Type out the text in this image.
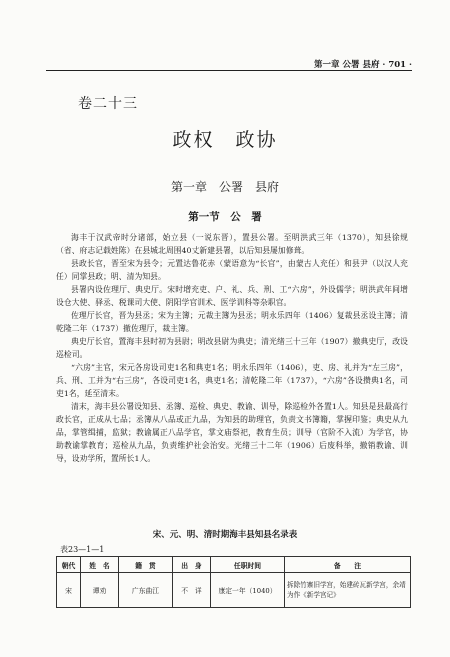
第一章 公署 县府 · 701 ·
卷二十三
政权　政协
第一章　公署　县府
第一节　公　署

海丰于汉武帝时分诸部，始立县（一说东晋），置县公署。至明洪武三年（1370），知县徐规（省、府志记载姓陈）在县城北周围40丈新建县署，以后知县屡加修葺。

县政长官，晋至宋为县令；元置达鲁花赤（蒙语意为“长官”，由蒙古人充任）和县尹（以汉人充任）同掌县政；明、清为知县。

县署内设佐理厅、典史厅。宋时增充吏、户、礼、兵、刑、工“六房”，外设儒学；明洪武年间增设仓大使、驿丞、税课司大使、阴阳学官训术、医学训科等杂职官。

佐理厅长官，晋为县丞；宋为主簿；元裁主簿为县丞；明永乐四年（1406）复裁县丞设主簿；清乾隆二年（1737）撤佐理厅，裁主簿。

典史厅长官，置海丰县时初为县尉；明改县尉为典史；清光绪三十三年（1907）撤典史厅，改设巡检司。

“六房”主官，宋元各房设司吏1名和典吏1名；明永乐四年（1406），吏、房、礼并为“左三房”，兵、刑、工并为“右三房”，各设司吏1名，典吏1名；清乾隆二年（1737），“六房”各设攒典1名，司吏1名，延至清末。

清末，海丰县公署设知县、丞簿、巡检、典史、教谕、训导，除巡检外各置1人。知县是县最高行政长官，正成从七品；丞簿从八品或正九品，为知县的助理官，负责文书簿籍，掌握印鉴；典史从九品，掌管缉捕，监狱；教谕属正八品学官，掌文庙祭祀，教育生员；训导（官阶不入流）为学官，协助教谕掌教育；巡检从九品，负责维护社会治安。光绪三十二年（1906）后废科举，撤销教谕、训导，设劝学所，置所长1人。

宋、元、明、清时期海丰县知县名录表
表23—1—1
朝代	姓　名	籍　贯	出　身	任职时间	备　　注
宋	谭劝	广东曲江	不　详	康定一年（1040）	拆除竹寨旧学宫，始建砖瓦新学宫，余靖为作《新学宫记》
